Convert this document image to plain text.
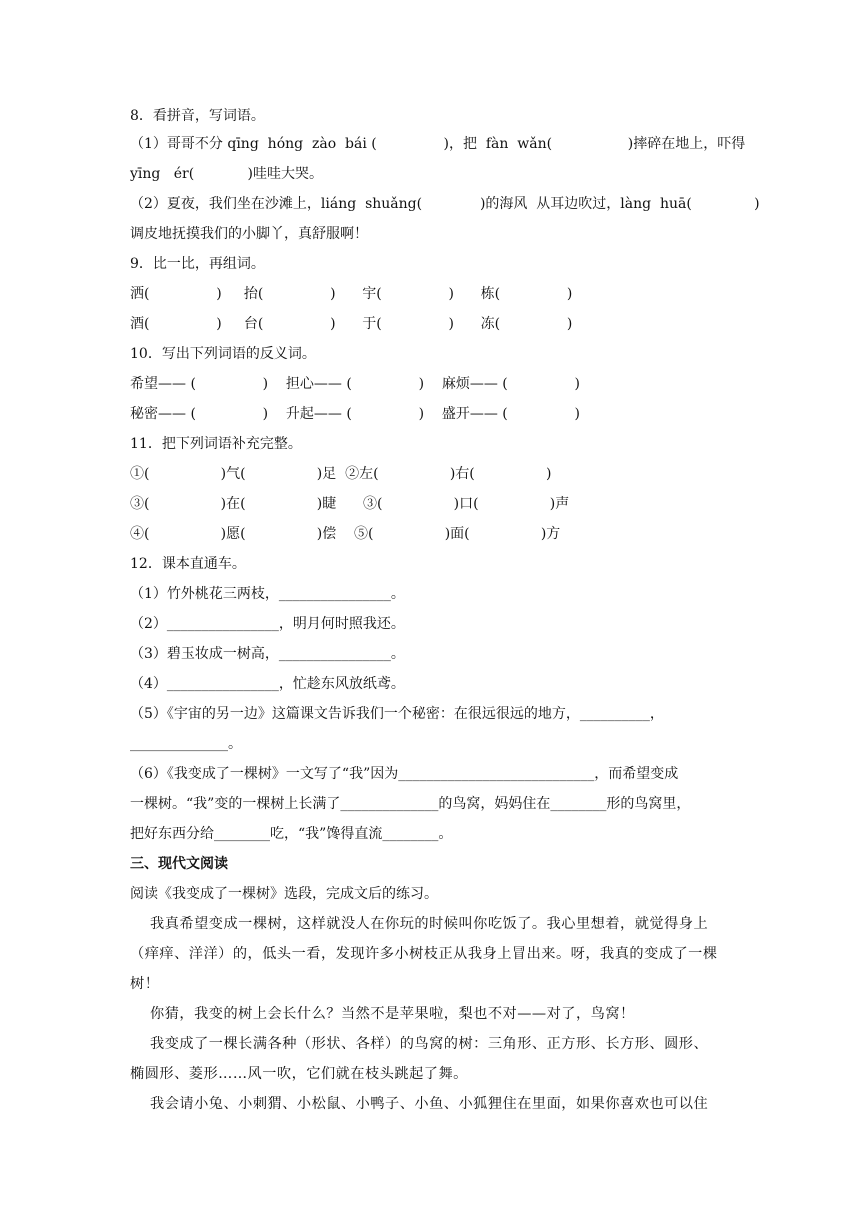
8．看拼音，写词语。
（1）哥哥不分 qīng  hóng  zào  bái (               )，把  fàn  wǎn(                 )摔碎在地上，吓得
yīng   ér(            )哇哇大哭。
（2）夏夜，我们坐在沙滩上，liáng  shuǎng(             )的海风  从耳边吹过，làng  huā(              )
调皮地抚摸我们的小脚丫，真舒服啊！
9．比一比，再组词。
洒(               )     抬(               )      宇(               )      栋(               )
酒(               )     台(               )      于(               )      冻(               )
10．写出下列词语的反义词。
希望—— (               )    担心—— (               )    麻烦—— (               )
秘密—— (               )    升起—— (               )    盛开—— (               )
11．把下列词语补充完整。
①(                )气(                )足  ②左(                )右(                )
③(                )在(                )睫      ③(                )口(                )声
④(                )愿(                )偿    ⑤(                )面(                )方
12．课本直通车。
（1）竹外桃花三两枝，________________。
（2）________________，明月何时照我还。
（3）碧玉妆成一树高，________________。
（4）________________，忙趁东风放纸鸢。
（5）《宇宙的另一边》这篇课文告诉我们一个秘密：在很远很远的地方，__________，
______________。
（6）《我变成了一棵树》一文写了“我”因为____________________________，而希望变成
一棵树。“我”变的一棵树上长满了______________的鸟窝，妈妈住在________形的鸟窝里，
把好东西分给________吃，“我”馋得直流________。
三、现代文阅读
阅读《我变成了一棵树》选段，完成文后的练习。
我真希望变成一棵树，这样就没人在你玩的时候叫你吃饭了。我心里想着，就觉得身上
（痒痒、洋洋）的，低头一看，发现许多小树枝正从我身上冒出来。呀，我真的变成了一棵
树！
你猜，我变的树上会长什么？当然不是苹果啦，梨也不对——对了，鸟窝！
我变成了一棵长满各种（形状、各样）的鸟窝的树：三角形、正方形、长方形、圆形、
椭圆形、菱形……风一吹，它们就在枝头跳起了舞。
我会请小兔、小刺猬、小松鼠、小鸭子、小鱼、小狐狸住在里面，如果你喜欢也可以住
